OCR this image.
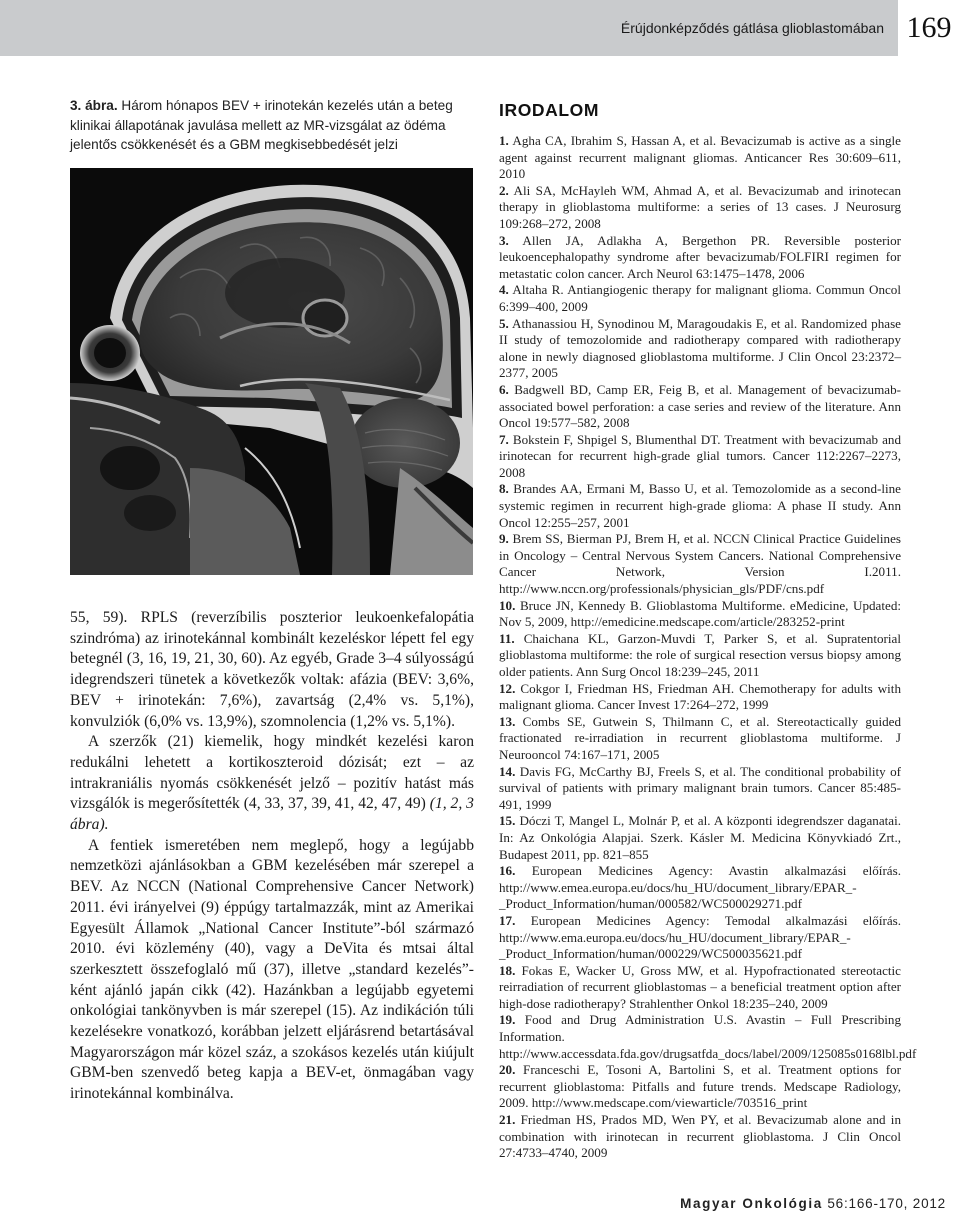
Érújdonképződés gátlása glioblastomában 169

3. ábra. Három hónapos BEV + irinotekán kezelés után a beteg klinikai állapotának javulása mellett az MR-vizsgálat az ödéma jelentős csökkenését és a GBM megkisebbedését jelzi

55, 59). RPLS (reverzíbilis poszterior leukoenkefalopátia szindróma) az irinotekánnal kombinált kezeléskor lépett fel egy betegnél (3, 16, 19, 21, 30, 60). Az egyéb, Grade 3–4 súlyosságú idegrendszeri tünetek a következők voltak: afázia (BEV: 3,6%, BEV + irinotekán: 7,6%), zavartság (2,4% vs. 5,1%), konvulziók (6,0% vs. 13,9%), szomnolencia (1,2% vs. 5,1%).

A szerzők (21) kiemelik, hogy mindkét kezelési karon redukálni lehetett a kortikoszteroid dózisát; ezt – az intrakraniális nyomás csökkenését jelző – pozitív hatást más vizsgálók is megerősítették (4, 33, 37, 39, 41, 42, 47, 49) (1, 2, 3 ábra).

A fentiek ismeretében nem meglepő, hogy a legújabb nemzetközi ajánlásokban a GBM kezelésében már szerepel a BEV. Az NCCN (National Comprehensive Cancer Network) 2011. évi irányelvei (9) éppúgy tartalmazzák, mint az Amerikai Egyesült Államok „National Cancer Institute”-ból származó 2010. évi közlemény (40), vagy a DeVita és mtsai által szerkesztett összefoglaló mű (37), illetve „standard kezelés”-ként ajánló japán cikk (42). Hazánkban a legújabb egyetemi onkológiai tankönyvben is már szerepel (15). Az indikáción túli kezelésekre vonatkozó, korábban jelzett eljárásrend betartásával Magyarországon már közel száz, a szokásos kezelés után kiújult GBM-ben szenvedő beteg kapja a BEV-et, önmagában vagy irinotekánnal kombinálva.

IRODALOM
1. Agha CA, Ibrahim S, Hassan A, et al. Bevacizumab is active as a single agent against recurrent malignant gliomas. Anticancer Res 30:609–611, 2010
2. Ali SA, McHayleh WM, Ahmad A, et al. Bevacizumab and irinotecan therapy in glioblastoma multiforme: a series of 13 cases. J Neurosurg 109:268–272, 2008
3. Allen JA, Adlakha A, Bergethon PR. Reversible posterior leukoencephalopathy syndrome after bevacizumab/FOLFIRI regimen for metastatic colon cancer. Arch Neurol 63:1475–1478, 2006
4. Altaha R. Antiangiogenic therapy for malignant glioma. Commun Oncol 6:399–400, 2009
5. Athanassiou H, Synodinou M, Maragoudakis E, et al. Randomized phase II study of temozolomide and radiotherapy compared with radiotherapy alone in newly diagnosed glioblastoma multiforme. J Clin Oncol 23:2372–2377, 2005
6. Badgwell BD, Camp ER, Feig B, et al. Management of bevacizumab-associated bowel perforation: a case series and review of the literature. Ann Oncol 19:577–582, 2008
7. Bokstein F, Shpigel S, Blumenthal DT. Treatment with bevacizumab and irinotecan for recurrent high-grade glial tumors. Cancer 112:2267–2273, 2008
8. Brandes AA, Ermani M, Basso U, et al. Temozolomide as a second-line systemic regimen in recurrent high-grade glioma: A phase II study. Ann Oncol 12:255–257, 2001
9. Brem SS, Bierman PJ, Brem H, et al. NCCN Clinical Practice Guidelines in Oncology – Central Nervous System Cancers. National Comprehensive Cancer Network, Version I.2011. http://www.nccn.org/professionals/physician_gls/PDF/cns.pdf
10. Bruce JN, Kennedy B. Glioblastoma Multiforme. eMedicine, Updated: Nov 5, 2009, http://emedicine.medscape.com/article/283252-print
11. Chaichana KL, Garzon-Muvdi T, Parker S, et al. Supratentorial glioblastoma multiforme: the role of surgical resection versus biopsy among older patients. Ann Surg Oncol 18:239–245, 2011
12. Cokgor I, Friedman HS, Friedman AH. Chemotherapy for adults with malignant glioma. Cancer Invest 17:264–272, 1999
13. Combs SE, Gutwein S, Thilmann C, et al. Stereotactically guided fractionated re-irradiation in recurrent glioblastoma multiforme. J Neurooncol 74:167–171, 2005
14. Davis FG, McCarthy BJ, Freels S, et al. The conditional probability of survival of patients with primary malignant brain tumors. Cancer 85:485-491, 1999
15. Dóczi T, Mangel L, Molnár P, et al. A központi idegrendszer daganatai. In: Az Onkológia Alapjai. Szerk. Kásler M. Medicina Könyvkiadó Zrt., Budapest 2011, pp. 821–855
16. European Medicines Agency: Avastin alkalmazási előírás. http://www.emea.europa.eu/docs/hu_HU/document_library/EPAR_-_Product_Information/human/000582/WC500029271.pdf
17. European Medicines Agency: Temodal alkalmazási előírás. http://www.ema.europa.eu/docs/hu_HU/document_library/EPAR_-_Product_Information/human/000229/WC500035621.pdf
18. Fokas E, Wacker U, Gross MW, et al. Hypofractionated stereotactic reirradiation of recurrent glioblastomas – a beneficial treatment option after high-dose radiotherapy? Strahlenther Onkol 18:235–240, 2009
19. Food and Drug Administration U.S. Avastin – Full Prescribing Information. http://www.accessdata.fda.gov/drugsatfda_docs/label/2009/125085s0168lbl.pdf
20. Franceschi E, Tosoni A, Bartolini S, et al. Treatment options for recurrent glioblastoma: Pitfalls and future trends. Medscape Radiology, 2009. http://www.medscape.com/viewarticle/703516_print
21. Friedman HS, Prados MD, Wen PY, et al. Bevacizumab alone and in combination with irinotecan in recurrent glioblastoma. J Clin Oncol 27:4733–4740, 2009
Magyar Onkológia 56:166-170, 2012
